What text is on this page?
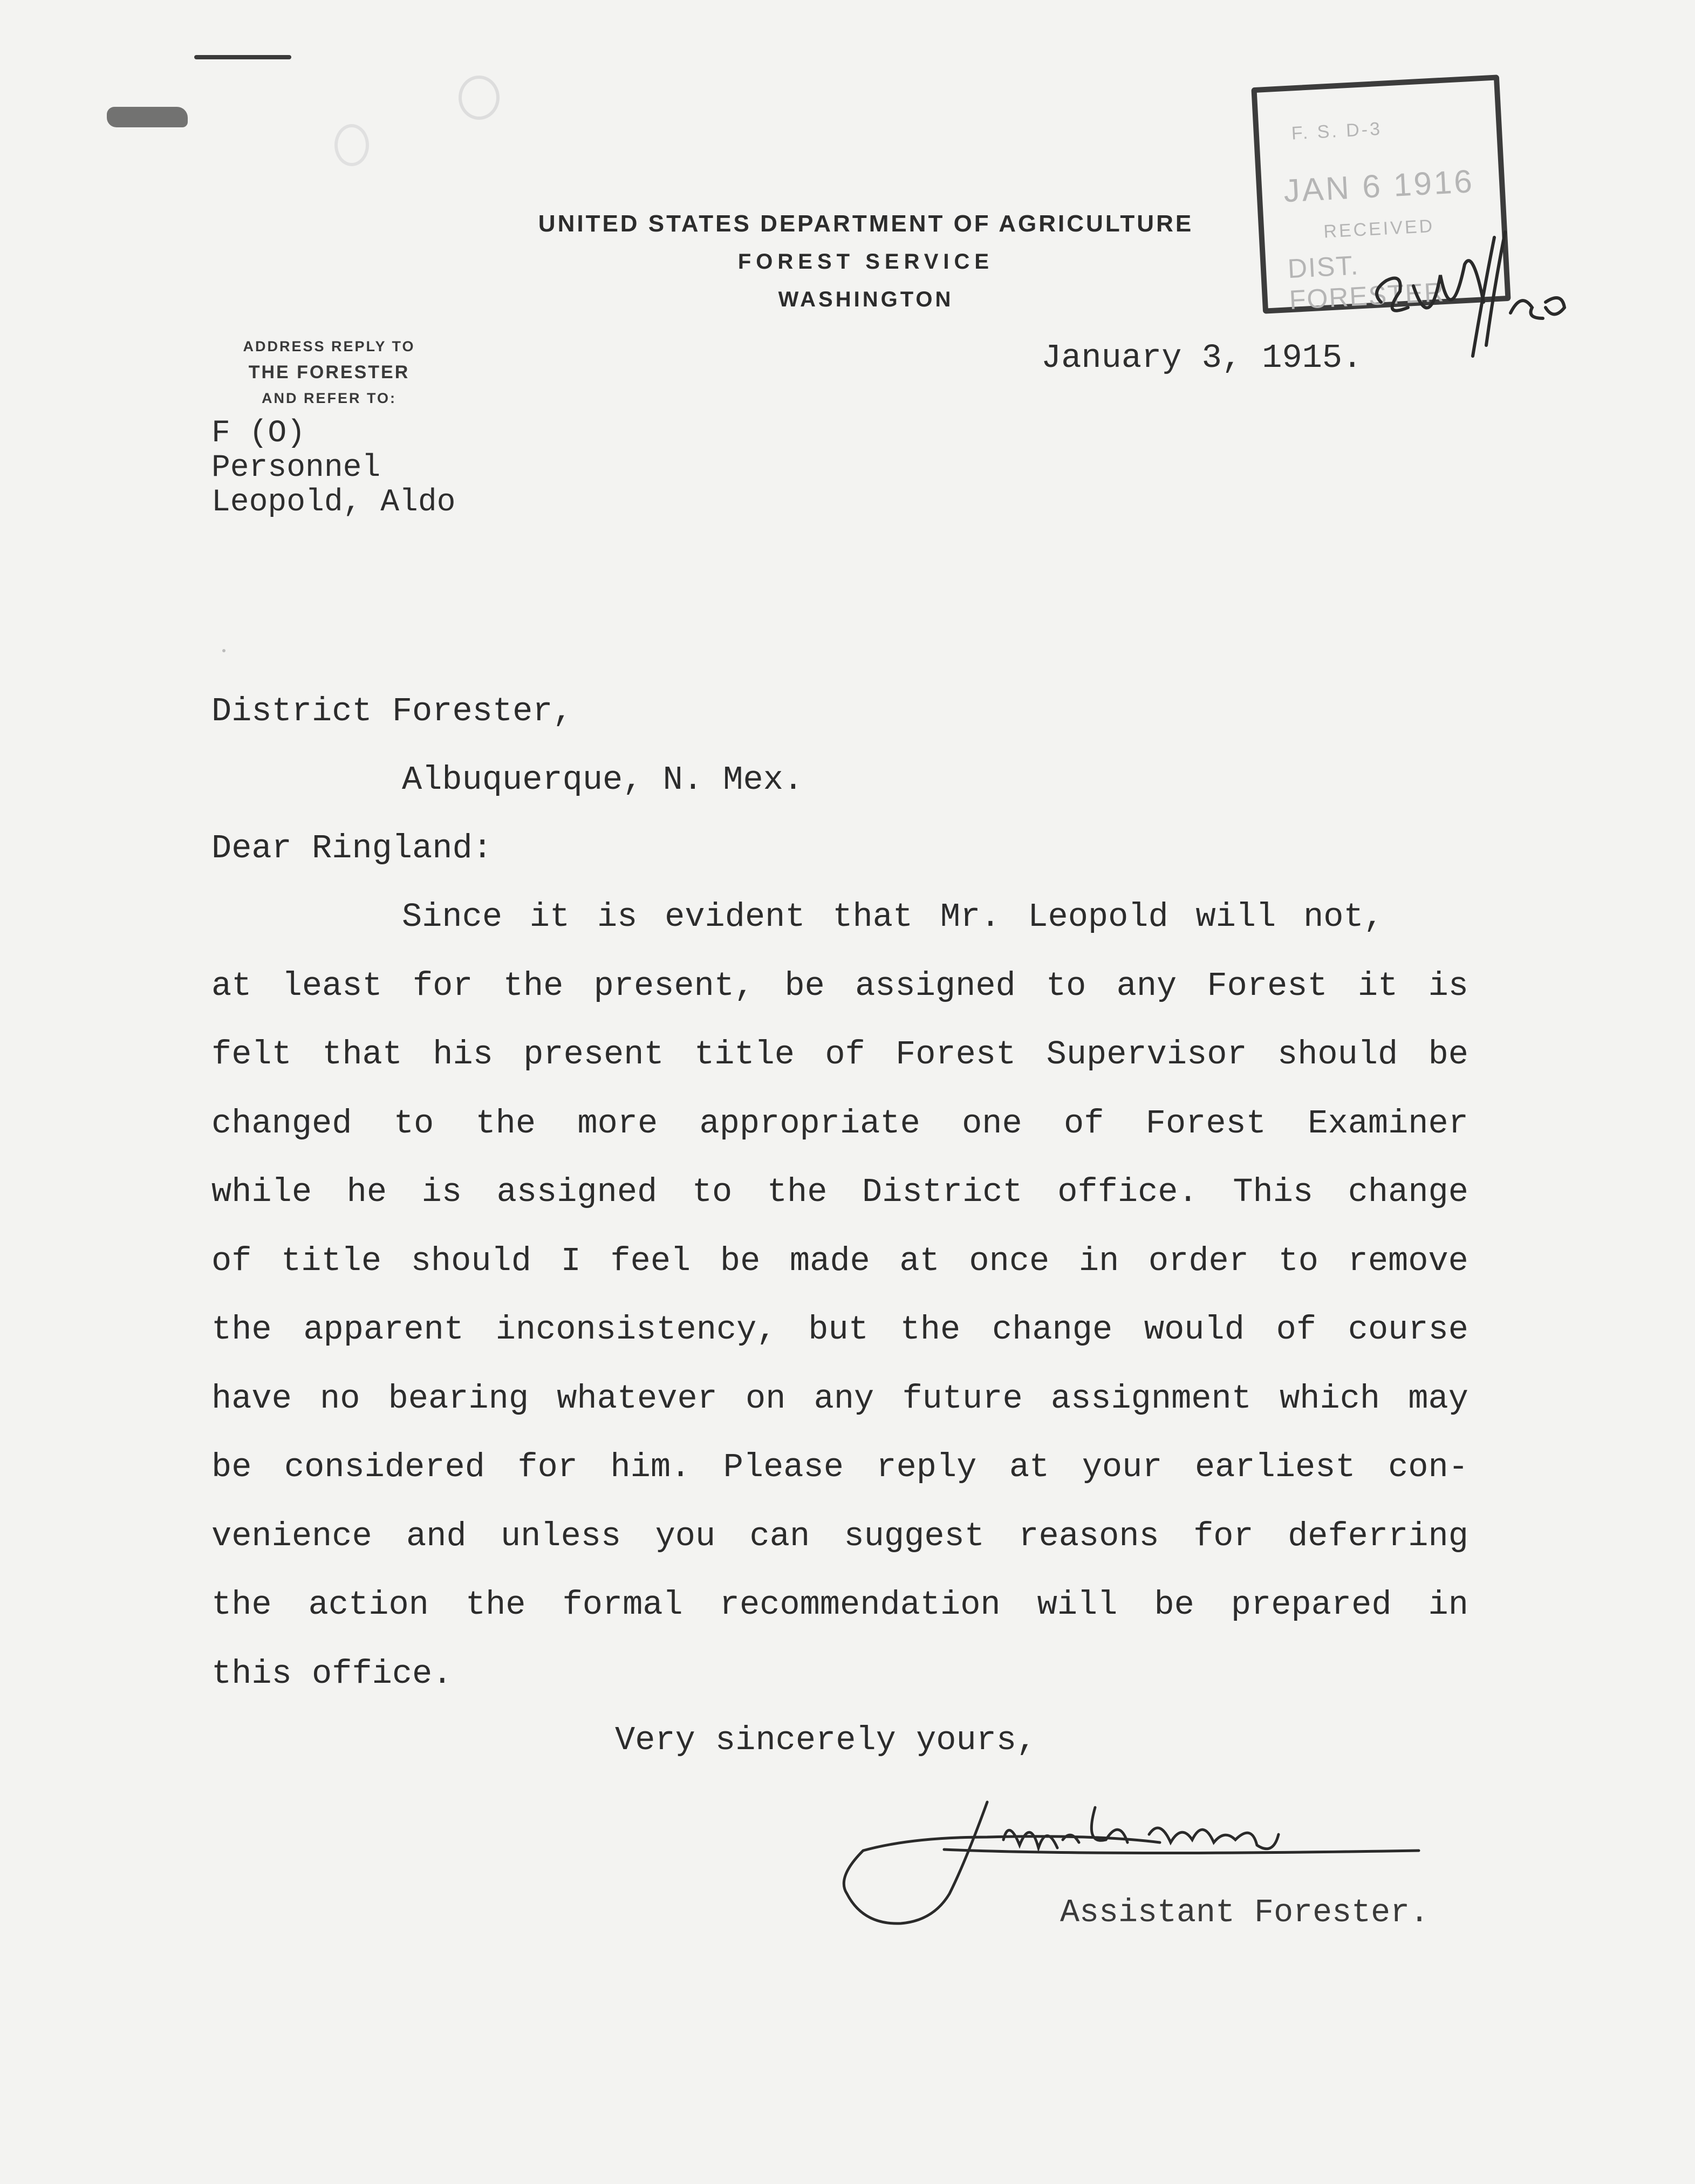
UNITED STATES DEPARTMENT OF AGRICULTURE
FOREST SERVICE
WASHINGTON
F. S. D-3
JAN 6 1916
RECEIVED
DIST. FORESTER
ADDRESS REPLY TO
THE FORESTER
AND REFER TO:
January 3, 1915.
F (O)
Personnel
Leopold, Aldo
District Forester,
Albuquerque, N. Mex.
Dear Ringland:
Since it is evident that Mr. Leopold will not,
at least for the present, be assigned to any Forest it is
felt that his present title of Forest Supervisor should be
changed to the more appropriate one of Forest Examiner
while he is assigned to the District office. This change
of title should I feel be made at once in order to remove
the apparent inconsistency, but the change would of course
have no bearing whatever on any future assignment which may
be considered for him. Please reply at your earliest con-
venience and unless you can suggest reasons for deferring
the action the formal recommendation will be prepared in
this office.
Very sincerely yours,
Assistant Forester.
